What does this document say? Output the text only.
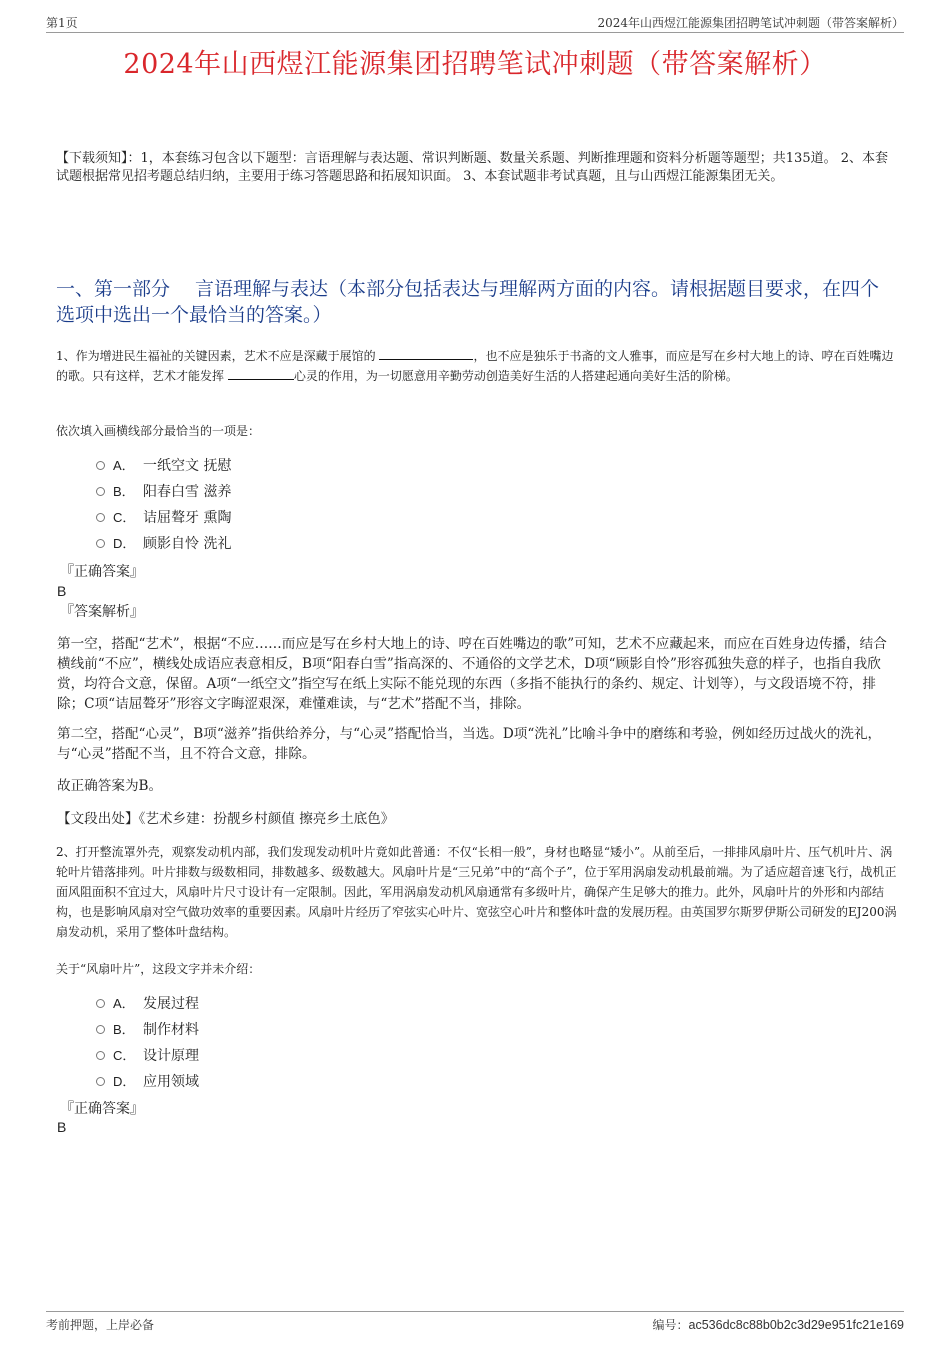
第1页	2024年山西煜江能源集团招聘笔试冲刺题（带答案解析）
2024年山西煜江能源集团招聘笔试冲刺题（带答案解析）
【下载须知】：1，本套练习包含以下题型：言语理解与表达题、常识判断题、数量关系题、判断推理题和资料分析题等题型；共135道。 2、本套试题根据常见招考题总结归纳，主要用于练习答题思路和拓展知识面。 3、本套试题非考试真题，且与山西煜江能源集团无关。
一、第一部分　 言语理解与表达（本部分包括表达与理解两方面的内容。请根据题目要求，在四个选项中选出一个最恰当的答案。）
1、作为增进民生福祉的关键因素，艺术不应是深藏于展馆的	，也不应是独乐于书斋的文人雅事，而应是写在乡村大地上的诗、哼在百姓嘴边的歌。只有这样，艺术才能发挥	心灵的作用，为一切愿意用辛勤劳动创造美好生活的人搭建起通向美好生活的阶梯。
依次填入画横线部分最恰当的一项是：
A． 一纸空文 抚慰
B． 阳春白雪 滋养
C． 诘屈聱牙 熏陶
D． 顾影自怜 洗礼
『正确答案』
B
『答案解析』
第一空，搭配“艺术”，根据“不应……而应是写在乡村大地上的诗、哼在百姓嘴边的歌”可知，艺术不应藏起来，而应在百姓身边传播，结合横线前“不应”，横线处成语应表意相反，B项“阳春白雪”指高深的、不通俗的文学艺术，D项“顾影自怜”形容孤独失意的样子，也指自我欣赏，均符合文意，保留。A项“一纸空文”指空写在纸上实际不能兑现的东西（多指不能执行的条约、规定、计划等），与文段语境不符，排除；C项“诘屈聱牙”形容文字晦涩艰深，难懂难读，与“艺术”搭配不当，排除。
第二空，搭配“心灵”，B项“滋养”指供给养分，与“心灵”搭配恰当，当选。D项“洗礼”比喻斗争中的磨练和考验，例如经历过战火的洗礼，与“心灵”搭配不当，且不符合文意，排除。
故正确答案为B。
【文段出处】《艺术乡建：扮靓乡村颜值 擦亮乡土底色》
2、打开整流罩外壳，观察发动机内部，我们发现发动机叶片竟如此普通：不仅“长相一般”，身材也略显“矮小”。从前至后，一排排风扇叶片、压气机叶片、涡轮叶片错落排列。叶片排数与级数相同，排数越多、级数越大。风扇叶片是“三兄弟”中的“高个子”，位于军用涡扇发动机最前端。为了适应超音速飞行，战机正面风阻面积不宜过大，风扇叶片尺寸设计有一定限制。因此，军用涡扇发动机风扇通常有多级叶片，确保产生足够大的推力。此外，风扇叶片的外形和内部结构，也是影响风扇对空气做功效率的重要因素。风扇叶片经历了窄弦实心叶片、宽弦空心叶片和整体叶盘的发展历程。由英国罗尔斯罗伊斯公司研发的EJ200涡扇发动机，采用了整体叶盘结构。
关于“风扇叶片”，这段文字并未介绍：
A． 发展过程
B． 制作材料
C． 设计原理
D． 应用领域
『正确答案』
B
考前押题，上岸必备	编号：ac536dc8c88b0b2c3d29e951fc21e169
